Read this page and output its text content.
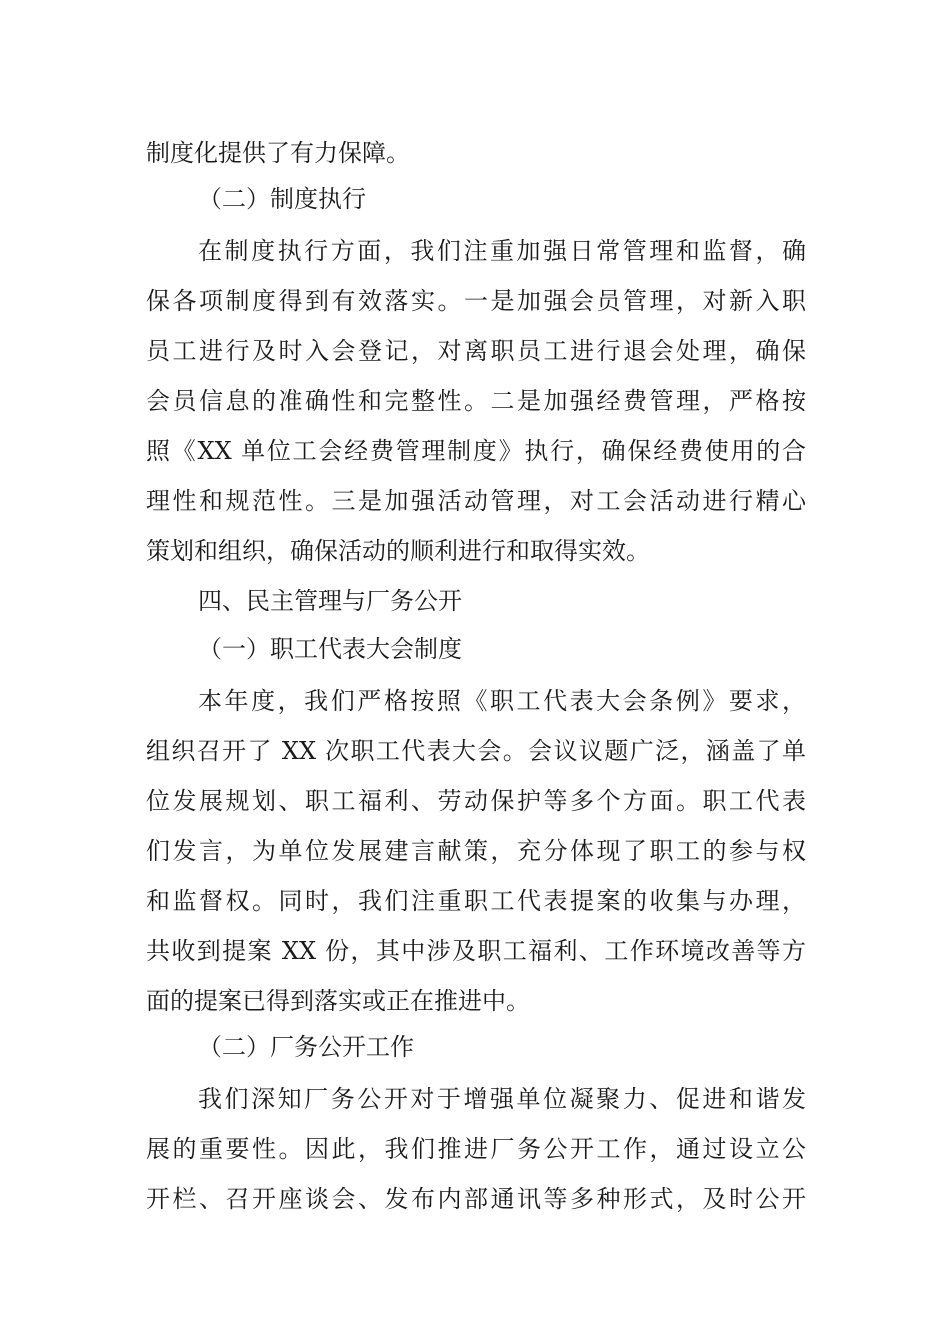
制度化提供了有力保障。
（二）制度执行
在制度执行方面，我们注重加强日常管理和监督，确
保各项制度得到有效落实。一是加强会员管理，对新入职
员工进行及时入会登记，对离职员工进行退会处理，确保
会员信息的准确性和完整性。二是加强经费管理，严格按
照《XX 单位工会经费管理制度》执行，确保经费使用的合
理性和规范性。三是加强活动管理，对工会活动进行精心
策划和组织，确保活动的顺利进行和取得实效。
四、民主管理与厂务公开
（一）职工代表大会制度
本年度，我们严格按照《职工代表大会条例》要求，
组织召开了 XX 次职工代表大会。会议议题广泛，涵盖了单
位发展规划、职工福利、劳动保护等多个方面。职工代表
们发言，为单位发展建言献策，充分体现了职工的参与权
和监督权。同时，我们注重职工代表提案的收集与办理，
共收到提案 XX 份，其中涉及职工福利、工作环境改善等方
面的提案已得到落实或正在推进中。
（二）厂务公开工作
我们深知厂务公开对于增强单位凝聚力、促进和谐发
展的重要性。因此，我们推进厂务公开工作，通过设立公
开栏、召开座谈会、发布内部通讯等多种形式，及时公开
